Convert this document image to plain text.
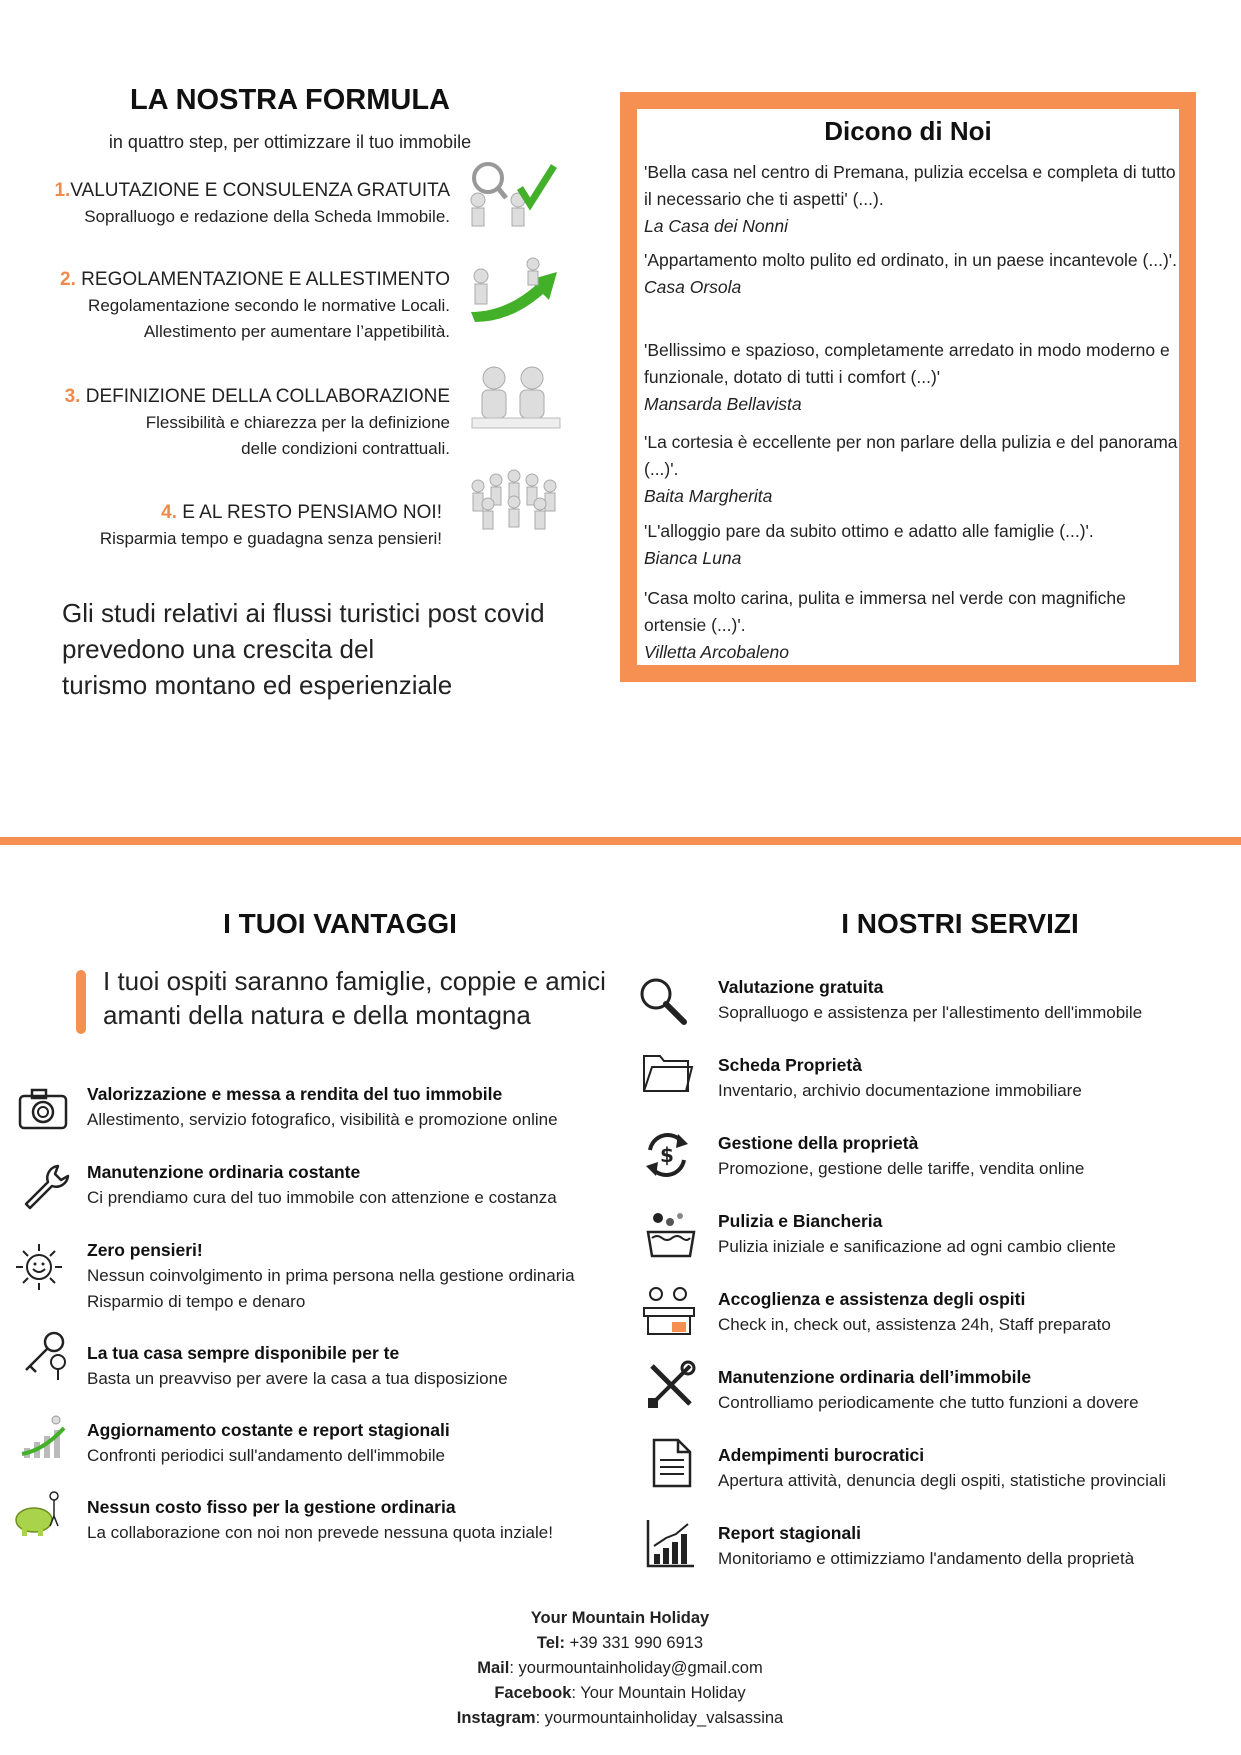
LA NOSTRA FORMULA
in quattro step, per ottimizzare il tuo immobile
1.VALUTAZIONE E CONSULENZA GRATUITA
Sopralluogo e redazione della Scheda Immobile.
2. REGOLAMENTAZIONE E ALLESTIMENTO
Regolamentazione secondo le normative Locali.
Allestimento per aumentare l’appetibilità.
3. DEFINIZIONE DELLA COLLABORAZIONE
Flessibilità e chiarezza per la definizione
delle condizioni contrattuali.
4. E AL RESTO PENSIAMO NOI!
Risparmia tempo e guadagna senza pensieri!
Gli studi relativi ai flussi turistici post covid
prevedono una crescita del
turismo montano ed esperienziale
Dicono di Noi
'Bella casa nel centro di Premana, pulizia eccelsa e completa di tutto il necessario che ti aspetti' (...).
La Casa dei Nonni
'Appartamento molto pulito ed ordinato, in un paese incantevole (...)'.
Casa Orsola
'Bellissimo e spazioso, completamente arredato in modo moderno e funzionale, dotato di tutti i comfort (...)'
Mansarda Bellavista
'La cortesia è eccellente per non parlare della pulizia e del panorama (...)'.
Baita Margherita
'L'alloggio pare da subito ottimo e adatto alle famiglie (...)'.
Bianca Luna
'Casa molto carina, pulita e immersa nel verde con magnifiche ortensie (...)'.
Villetta Arcobaleno
I TUOI VANTAGGI
I tuoi ospiti saranno famiglie, coppie e amici
amanti della natura e della montagna
Valorizzazione e messa a rendita del tuo immobile
Allestimento, servizio fotografico, visibilità e promozione online
Manutenzione ordinaria costante
Ci prendiamo cura del tuo immobile con attenzione e costanza
Zero pensieri!
Nessun coinvolgimento in prima persona nella gestione ordinaria
Risparmio di tempo e denaro
La tua casa sempre disponibile per te
Basta un preavviso per avere la casa a tua disposizione
Aggiornamento costante e report stagionali
Confronti periodici sull'andamento dell'immobile
Nessun costo fisso per la gestione ordinaria
La collaborazione con noi non prevede nessuna quota inziale!
I NOSTRI SERVIZI
Valutazione gratuita
Sopralluogo e assistenza per l'allestimento dell'immobile
Scheda Proprietà
Inventario, archivio documentazione immobiliare
$	Gestione della proprietà
Promozione, gestione delle tariffe, vendita online
Pulizia e Biancheria
Pulizia iniziale e sanificazione ad ogni cambio cliente
Accoglienza e assistenza degli ospiti
Check in, check out, assistenza 24h, Staff preparato
Manutenzione ordinaria dell’immobile
Controlliamo periodicamente che tutto funzioni a dovere
Adempimenti burocratici
Apertura attività, denuncia degli ospiti, statistiche provinciali
Report stagionali
Monitoriamo e ottimizziamo l'andamento della proprietà
Your Mountain Holiday
Tel: +39 331 990 6913
Mail: yourmountainholiday@gmail.com
Facebook: Your Mountain Holiday
Instagram: yourmountainholiday_valsassina
